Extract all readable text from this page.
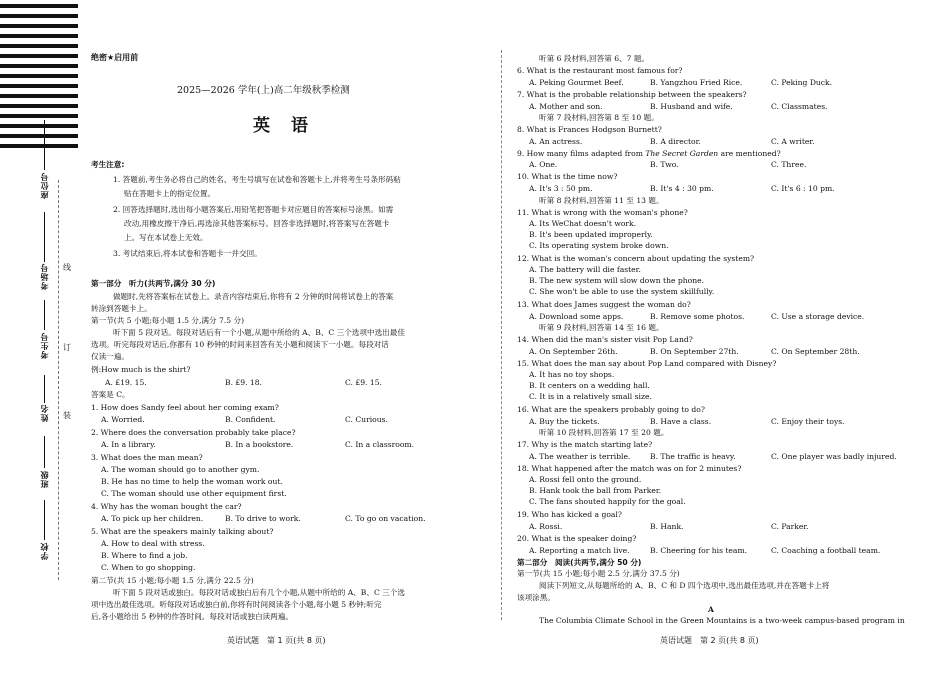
座位号
考场号
考生号
姓名
班级
学校
线
订
装
绝密★启用前
2025—2026 学年(上)高二年级秋季检测
英　语
考生注意:
1. 答题前,考生务必将自己的姓名、考生号填写在试卷和答题卡上,并将考生号条形码粘
贴在答题卡上的指定位置。
2. 回答选择题时,选出每小题答案后,用铅笔把答题卡对应题目的答案标号涂黑。如需
改动,用橡皮擦干净后,再选涂其他答案标号。回答非选择题时,将答案写在答题卡
上。写在本试卷上无效。
3. 考试结束后,将本试卷和答题卡一并交回。
第一部分　听力(共两节,满分 30 分)
做题时,先将答案标在试卷上。录音内容结束后,你将有 2 分钟的时间将试卷上的答案
转涂到答题卡上。
第一节(共 5 小题;每小题 1.5 分,满分 7.5 分)
听下面 5 段对话。每段对话后有一个小题,从题中所给的 A、B、C 三个选项中选出最佳
选项。听完每段对话后,你都有 10 秒钟的时间来回答有关小题和阅读下一小题。每段对话
仅读一遍。
例:How much is the shirt?
A. £19. 15.	B. £9. 18.	C. £9. 15.
答案是 C。
1. How does Sandy feel about her coming exam?
A. Worried.	B. Confident.	C. Curious.
2. Where does the conversation probably take place?
A. In a library.	B. In a bookstore.	C. In a classroom.
3. What does the man mean?
A. The woman should go to another gym.
B. He has no time to help the woman work out.
C. The woman should use other equipment first.
4. Why has the woman bought the car?
A. To pick up her children.	B. To drive to work.	C. To go on vacation.
5. What are the speakers mainly talking about?
A. How to deal with stress.
B. Where to find a job.
C. When to go shopping.
第二节(共 15 小题;每小题 1.5 分,满分 22.5 分)
听下面 5 段对话或独白。每段对话或独白后有几个小题,从题中所给的 A、B、C 三个选
项中选出最佳选项。听每段对话或独白前,你将有时间阅读各个小题,每小题 5 秒钟;听完
后,各小题给出 5 秒钟的作答时间。每段对话或独白读两遍。
英语试题　第 1 页(共 8 页)
听第 6 段材料,回答第 6、7 题。
6. What is the restaurant most famous for?
A. Peking Gourmet Beef.	B. Yangzhou Fried Rice.	C. Peking Duck.
7. What is the probable relationship between the speakers?
A. Mother and son.	B. Husband and wife.	C. Classmates.
听第 7 段材料,回答第 8 至 10 题。
8. What is Frances Hodgson Burnett?
A. An actress.	B. A director.	C. A writer.
9. How many films adapted from The Secret Garden are mentioned?
A. One.	B. Two.	C. Three.
10. What is the time now?
A. It's 3 : 50 pm.	B. It's 4 : 30 pm.	C. It's 6 : 10 pm.
听第 8 段材料,回答第 11 至 13 题。
11. What is wrong with the woman's phone?
A. Its WeChat doesn't work.
B. It's been updated improperly.
C. Its operating system broke down.
12. What is the woman's concern about updating the system?
A. The battery will die faster.
B. The new system will slow down the phone.
C. She won't be able to use the system skillfully.
13. What does James suggest the woman do?
A. Download some apps.	B. Remove some photos.	C. Use a storage device.
听第 9 段材料,回答第 14 至 16 题。
14. When did the man's sister visit Pop Land?
A. On September 26th.	B. On September 27th.	C. On September 28th.
15. What does the man say about Pop Land compared with Disney?
A. It has no toy shops.
B. It centers on a wedding hall.
C. It is in a relatively small size.
16. What are the speakers probably going to do?
A. Buy the tickets.	B. Have a class.	C. Enjoy their toys.
听第 10 段材料,回答第 17 至 20 题。
17. Why is the match starting late?
A. The weather is terrible.	B. The traffic is heavy.	C. One player was badly injured.
18. What happened after the match was on for 2 minutes?
A. Rossi fell onto the ground.
B. Hank took the ball from Parker.
C. The fans shouted happily for the goal.
19. Who has kicked a goal?
A. Rossi.	B. Hank.	C. Parker.
20. What is the speaker doing?
A. Reporting a match live.	B. Cheering for his team.	C. Coaching a football team.
第二部分　阅读(共两节,满分 50 分)
第一节(共 15 小题;每小题 2.5 分,满分 37.5 分)
阅读下列短文,从每题所给的 A、B、C 和 D 四个选项中,选出最佳选项,并在答题卡上将
该项涂黑。
A
The Columbia Climate School in the Green Mountains is a two-week campus-based program in
英语试题　第 2 页(共 8 页)
